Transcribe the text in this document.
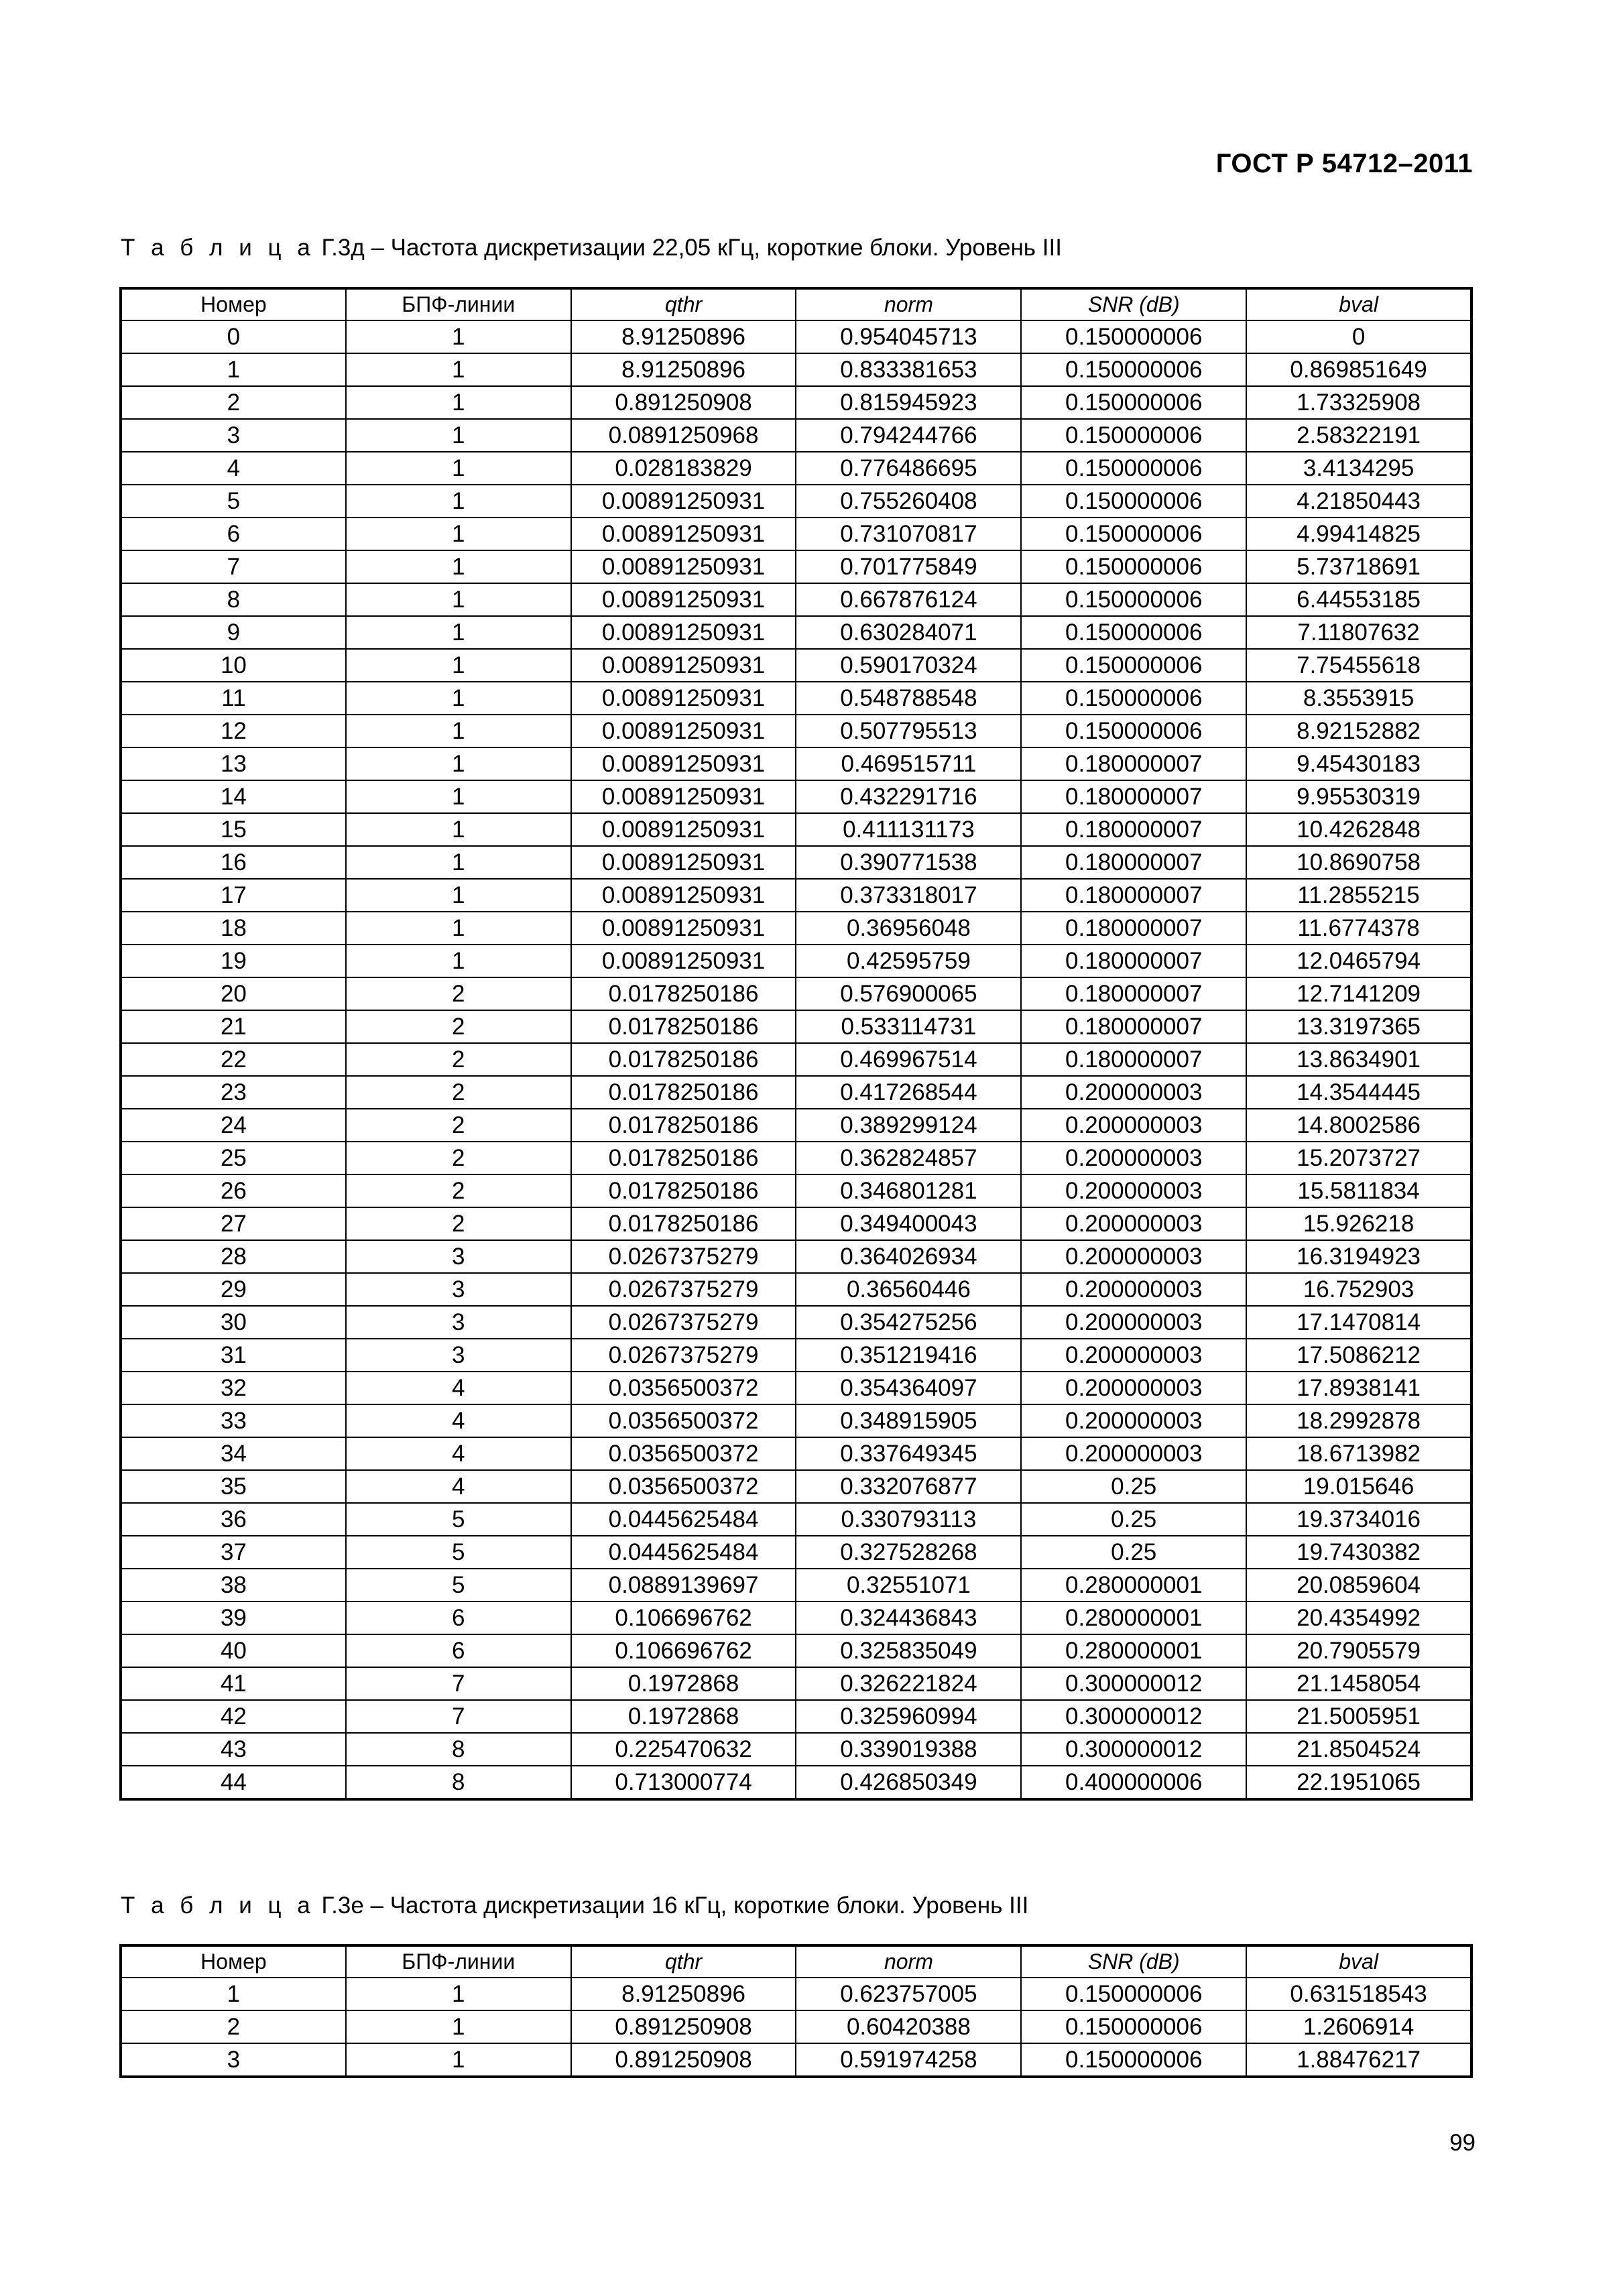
ГОСТ Р 54712–2011
Т а б л и ц а Г.3д – Частота дискретизации 22,05 кГц, короткие блоки. Уровень III
Номер	БПФ-линии	qthr	norm	SNR (dB)	bval
0	1	8.91250896	0.954045713	0.150000006	0
1	1	8.91250896	0.833381653	0.150000006	0.869851649
2	1	0.891250908	0.815945923	0.150000006	1.73325908
3	1	0.0891250968	0.794244766	0.150000006	2.58322191
4	1	0.028183829	0.776486695	0.150000006	3.4134295
5	1	0.00891250931	0.755260408	0.150000006	4.21850443
6	1	0.00891250931	0.731070817	0.150000006	4.99414825
7	1	0.00891250931	0.701775849	0.150000006	5.73718691
8	1	0.00891250931	0.667876124	0.150000006	6.44553185
9	1	0.00891250931	0.630284071	0.150000006	7.11807632
10	1	0.00891250931	0.590170324	0.150000006	7.75455618
11	1	0.00891250931	0.548788548	0.150000006	8.3553915
12	1	0.00891250931	0.507795513	0.150000006	8.92152882
13	1	0.00891250931	0.469515711	0.180000007	9.45430183
14	1	0.00891250931	0.432291716	0.180000007	9.95530319
15	1	0.00891250931	0.411131173	0.180000007	10.4262848
16	1	0.00891250931	0.390771538	0.180000007	10.8690758
17	1	0.00891250931	0.373318017	0.180000007	11.2855215
18	1	0.00891250931	0.36956048	0.180000007	11.6774378
19	1	0.00891250931	0.42595759	0.180000007	12.0465794
20	2	0.0178250186	0.576900065	0.180000007	12.7141209
21	2	0.0178250186	0.533114731	0.180000007	13.3197365
22	2	0.0178250186	0.469967514	0.180000007	13.8634901
23	2	0.0178250186	0.417268544	0.200000003	14.3544445
24	2	0.0178250186	0.389299124	0.200000003	14.8002586
25	2	0.0178250186	0.362824857	0.200000003	15.2073727
26	2	0.0178250186	0.346801281	0.200000003	15.5811834
27	2	0.0178250186	0.349400043	0.200000003	15.926218
28	3	0.0267375279	0.364026934	0.200000003	16.3194923
29	3	0.0267375279	0.36560446	0.200000003	16.752903
30	3	0.0267375279	0.354275256	0.200000003	17.1470814
31	3	0.0267375279	0.351219416	0.200000003	17.5086212
32	4	0.0356500372	0.354364097	0.200000003	17.8938141
33	4	0.0356500372	0.348915905	0.200000003	18.2992878
34	4	0.0356500372	0.337649345	0.200000003	18.6713982
35	4	0.0356500372	0.332076877	0.25	19.015646
36	5	0.0445625484	0.330793113	0.25	19.3734016
37	5	0.0445625484	0.327528268	0.25	19.7430382
38	5	0.0889139697	0.32551071	0.280000001	20.0859604
39	6	0.106696762	0.324436843	0.280000001	20.4354992
40	6	0.106696762	0.325835049	0.280000001	20.7905579
41	7	0.1972868	0.326221824	0.300000012	21.1458054
42	7	0.1972868	0.325960994	0.300000012	21.5005951
43	8	0.225470632	0.339019388	0.300000012	21.8504524
44	8	0.713000774	0.426850349	0.400000006	22.1951065
Т а б л и ц а Г.3е – Частота дискретизации 16 кГц, короткие блоки. Уровень III
Номер	БПФ-линии	qthr	norm	SNR (dB)	bval
1	1	8.91250896	0.623757005	0.150000006	0.631518543
2	1	0.891250908	0.60420388	0.150000006	1.2606914
3	1	0.891250908	0.591974258	0.150000006	1.88476217
99
